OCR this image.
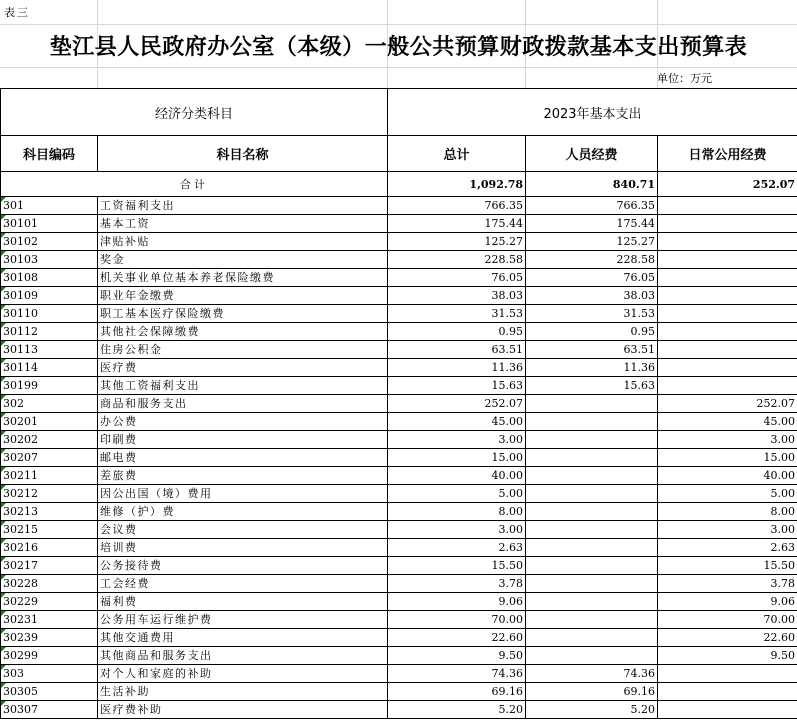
表三
垫江县人民政府办公室（本级）一般公共预算财政拨款基本支出预算表
单位：万元
经济分类科目		2023年基本支出		
科目编码	科目名称	总计	人员经费	日常公用经费
合计		1,092.78	840.71	252.07
301	工资福利支出	766.35	766.35	
30101	基本工资	175.44	175.44	
30102	津贴补贴	125.27	125.27	
30103	奖金	228.58	228.58	
30108	机关事业单位基本养老保险缴费	76.05	76.05	
30109	职业年金缴费	38.03	38.03	
30110	职工基本医疗保险缴费	31.53	31.53	
30112	其他社会保障缴费	0.95	0.95	
30113	住房公积金	63.51	63.51	
30114	医疗费	11.36	11.36	
30199	其他工资福利支出	15.63	15.63	
302	商品和服务支出	252.07		252.07
30201	办公费	45.00		45.00
30202	印刷费	3.00		3.00
30207	邮电费	15.00		15.00
30211	差旅费	40.00		40.00
30212	因公出国（境）费用	5.00		5.00
30213	维修（护）费	8.00		8.00
30215	会议费	3.00		3.00
30216	培训费	2.63		2.63
30217	公务接待费	15.50		15.50
30228	工会经费	3.78		3.78
30229	福利费	9.06		9.06
30231	公务用车运行维护费	70.00		70.00
30239	其他交通费用	22.60		22.60
30299	其他商品和服务支出	9.50		9.50
303	对个人和家庭的补助	74.36	74.36	
30305	生活补助	69.16	69.16	
30307	医疗费补助	5.20	5.20	
